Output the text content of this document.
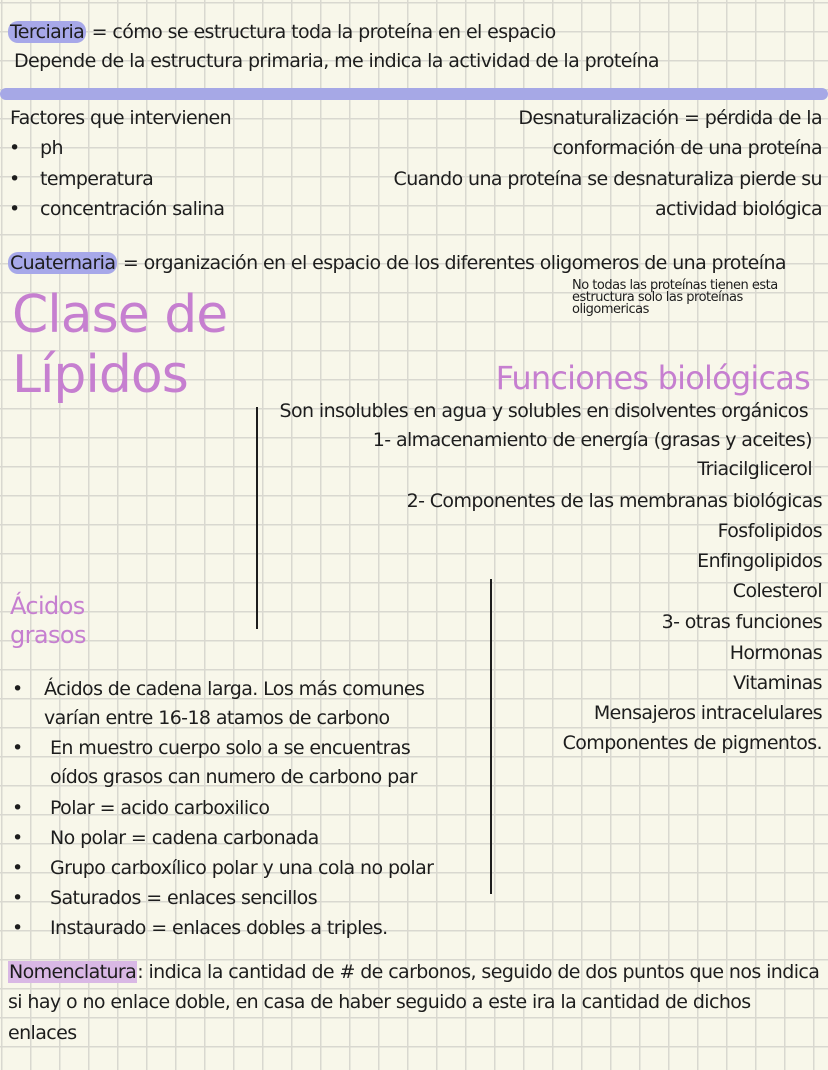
Terciaria = cómo se estructura toda la proteína en el espacio
Depende de la estructura primaria, me indica la actividad de la proteína
Factores que intervienen
• ph
• temperatura
• concentración salina
Desnaturalización = pérdida de la
conformación de una proteína
Cuando una proteína se desnaturaliza pierde su
actividad biológica
Cuaternaria = organización en el espacio de los diferentes oligomeros de una proteína
No todas las proteínas tienen esta
estructura solo las proteínas
oligomericas
Clase de
Lípidos	Funciones biológicas
Son insolubles en agua y solubles en disolventes orgánicos
1- almacenamiento de energía (grasas y aceites)
Triacilglicerol
2- Componentes de las membranas biológicas
Fosfolipidos
Enfingolipidos
Colesterol
3- otras funciones
Hormonas
Vitaminas
Mensajeros intracelulares
Componentes de pigmentos.
Ácidos
grasos
• Ácidos de cadena larga. Los más comunes
varían entre 16-18 atamos de carbono
• En muestro cuerpo solo a se encuentras
oídos grasos can numero de carbono par
• Polar = acido carboxilico
• No polar = cadena carbonada
• Grupo carboxílico polar y una cola no polar
• Saturados = enlaces sencillos
• Instaurado = enlaces dobles a triples.
Nomenclatura: indica la cantidad de # de carbonos, seguido de dos puntos que nos indica
si hay o no enlace doble, en casa de haber seguido a este ira la cantidad de dichos
enlaces
